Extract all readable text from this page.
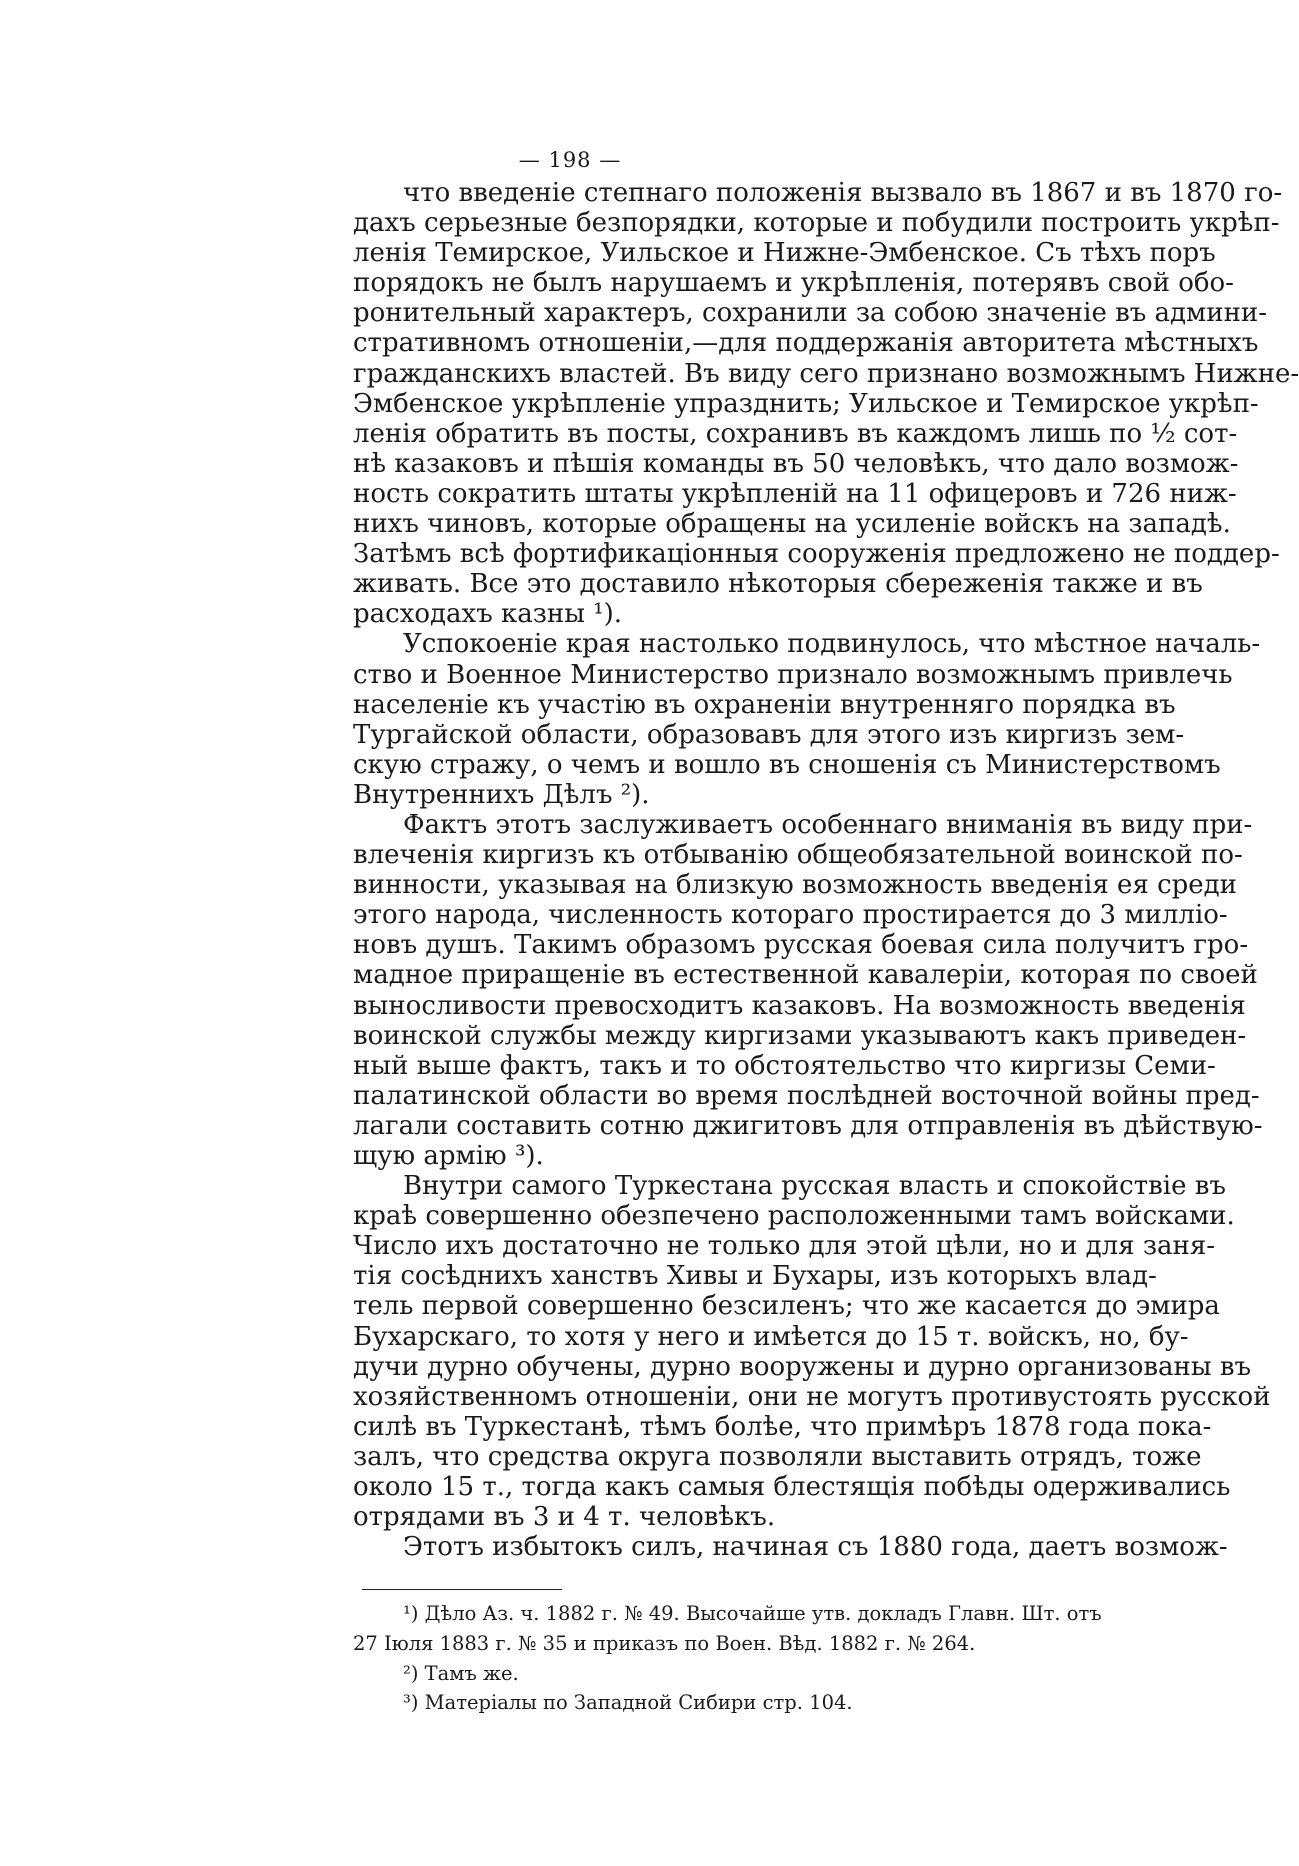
— 198 —
что введеніе степнаго положенія вызвало въ 1867 и въ 1870 го-
дахъ серьезные безпорядки, которые и побудили построить укрѣп-
ленія Темирское, Уильское и Нижне-Эмбенское. Съ тѣхъ поръ
порядокъ не былъ нарушаемъ и укрѣпленія, потерявъ свой обо-
ронительный характеръ, сохранили за собою значеніе въ админи-
стративномъ отношеніи,—для поддержанія авторитета мѣстныхъ
гражданскихъ властей. Въ виду сего признано возможнымъ Нижне-
Эмбенское укрѣпленіе упразднить; Уильское и Темирское укрѣп-
ленія обратить въ посты, сохранивъ въ каждомъ лишь по ½ сот-
нѣ казаковъ и пѣшія команды въ 50 человѣкъ, что дало возмож-
ность сократить штаты укрѣпленій на 11 офицеровъ и 726 ниж-
нихъ чиновъ, которые обращены на усиленіе войскъ на западѣ.
Затѣмъ всѣ фортификаціонныя сооруженія предложено не поддер-
живать. Все это доставило нѣкоторыя сбереженія также и въ
расходахъ казны ¹).
Успокоеніе края настолько подвинулось, что мѣстное началь-
ство и Военное Министерство признало возможнымъ привлечь
населеніе къ участію въ охраненіи внутренняго порядка въ
Тургайской области, образовавъ для этого изъ киргизъ зем-
скую стражу, о чемъ и вошло въ сношенія съ Министерствомъ
Внутреннихъ Дѣлъ ²).
Фактъ этотъ заслуживаетъ особеннаго вниманія въ виду при-
влеченія киргизъ къ отбыванію общеобязательной воинской по-
винности, указывая на близкую возможность введенія ея среди
этого народа, численность котораго простирается до 3 милліо-
новъ душъ. Такимъ образомъ русская боевая сила получитъ гро-
мадное приращеніе въ естественной кавалеріи, которая по своей
выносливости превосходитъ казаковъ. На возможность введенія
воинской службы между киргизами указываютъ какъ приведен-
ный выше фактъ, такъ и то обстоятельство что киргизы Семи-
палатинской области во время послѣдней восточной войны пред-
лагали составить сотню джигитовъ для отправленія въ дѣйствую-
щую армію ³).
Внутри самого Туркестана русская власть и спокойствіе въ
краѣ совершенно обезпечено расположенными тамъ войсками.
Число ихъ достаточно не только для этой цѣли, но и для заня-
тія сосѣднихъ ханствъ Хивы и Бухары, изъ которыхъ влад-
тель первой совершенно безсиленъ; что же касается до эмира
Бухарскаго, то хотя у него и имѣется до 15 т. войскъ, но, бу-
дучи дурно обучены, дурно вооружены и дурно организованы въ
хозяйственномъ отношеніи, они не могутъ противустоять русской
силѣ въ Туркестанѣ, тѣмъ болѣе, что примѣръ 1878 года пока-
залъ, что средства округа позволяли выставить отрядъ, тоже
около 15 т., тогда какъ самыя блестящія побѣды одерживались
отрядами въ 3 и 4 т. человѣкъ.
Этотъ избытокъ силъ, начиная съ 1880 года, даетъ возмож-
¹) Дѣло Аз. ч. 1882 г. № 49. Высочайше утв. докладъ Главн. Шт. отъ
27 Іюля 1883 г. № 35 и приказъ по Воен. Вѣд. 1882 г. № 264.
²) Тамъ же.
³) Матеріалы по Западной Сибири стр. 104.
